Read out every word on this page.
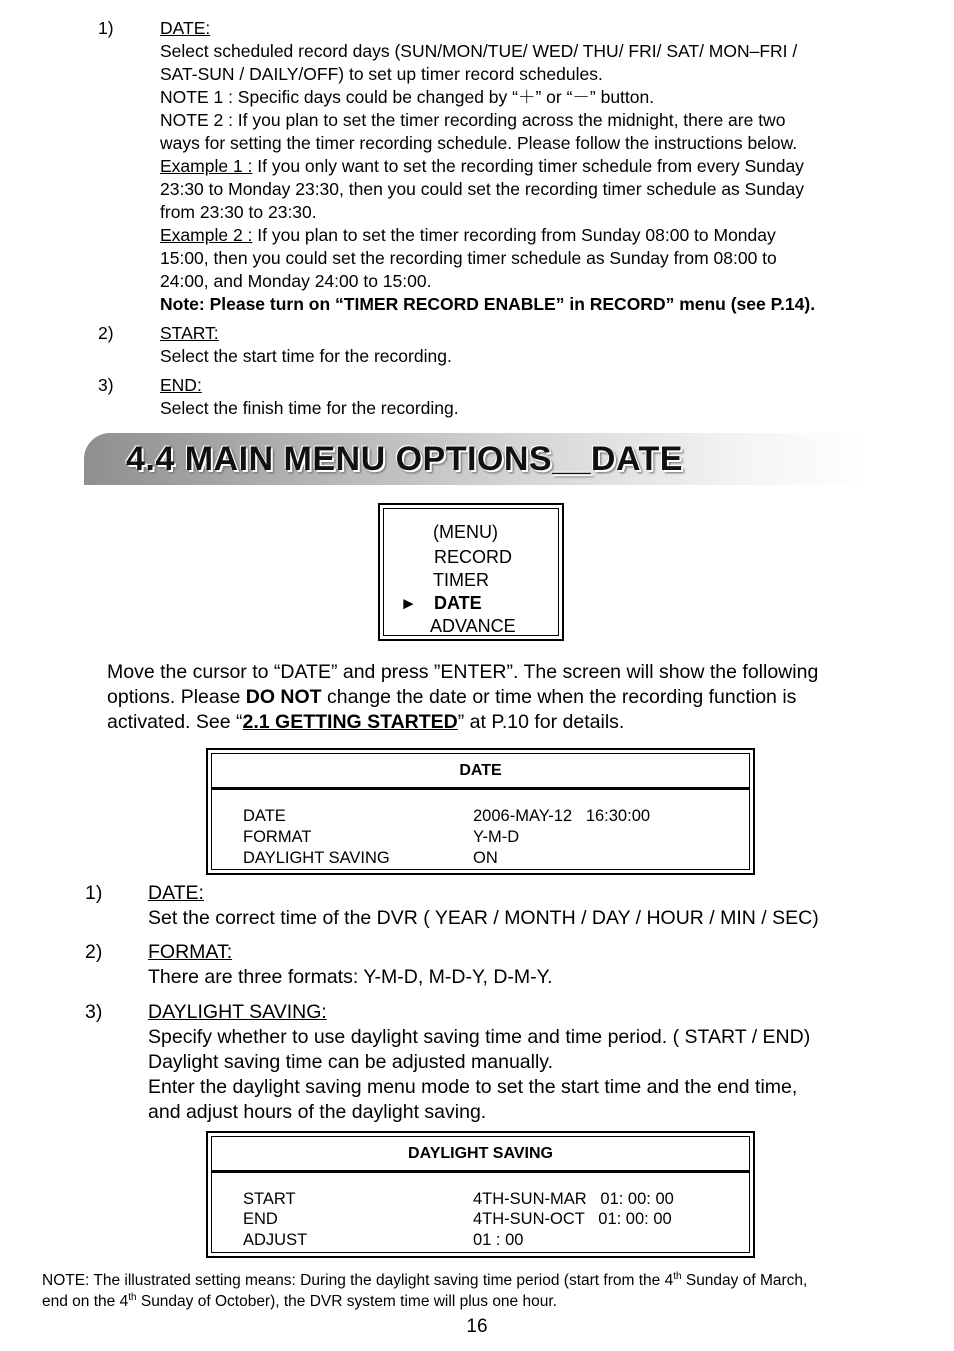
1)	DATE:
Select scheduled record days (SUN/MON/TUE/ WED/ THU/ FRI/ SAT/ MON–FRI /
SAT-SUN / DAILY/OFF) to set up timer record schedules.
NOTE 1 : Specific days could be changed by “＋” or “－” button.
NOTE 2 : If you plan to set the timer recording across the midnight, there are two
ways for setting the timer recording schedule. Please follow the instructions below.
Example 1 : If you only want to set the recording timer schedule from every Sunday
23:30 to Monday 23:30, then you could set the recording timer schedule as Sunday
from 23:30 to 23:30.
Example 2 : If you plan to set the timer recording from Sunday 08:00 to Monday
15:00, then you could set the recording timer schedule as Sunday from 08:00 to
24:00, and Monday 24:00 to 15:00.
Note: Please turn on “TIMER RECORD ENABLE” in RECORD” menu (see P.14).
2)	START:
Select the start time for the recording.
3)	END:
Select the finish time for the recording.
4.4 MAIN MENU OPTIONS__DATE
(MENU)
RECORD
TIMER
► DATE
ADVANCE
Move the cursor to “DATE” and press ”ENTER”. The screen will show the following
options. Please DO NOT change the date or time when the recording function is
activated. See “2.1 GETTING STARTED” at P.10 for details.
DATE
DATE	2006-MAY-12   16:30:00
FORMAT	Y-M-D
DAYLIGHT SAVING	ON
1) DATE:
Set the correct time of the DVR ( YEAR / MONTH / DAY / HOUR / MIN / SEC)
2) FORMAT:
There are three formats: Y-M-D, M-D-Y, D-M-Y.
3) DAYLIGHT SAVING:
Specify whether to use daylight saving time and time period. ( START / END)
Daylight saving time can be adjusted manually.
Enter the daylight saving menu mode to set the start time and the end time,
and adjust hours of the daylight saving.
DAYLIGHT SAVING
START	4TH-SUN-MAR   01: 00: 00
END	4TH-SUN-OCT   01: 00: 00
ADJUST	01 : 00
NOTE: The illustrated setting means: During the daylight saving time period (start from the 4th Sunday of March,
end on the 4th Sunday of October), the DVR system time will plus one hour.
16
